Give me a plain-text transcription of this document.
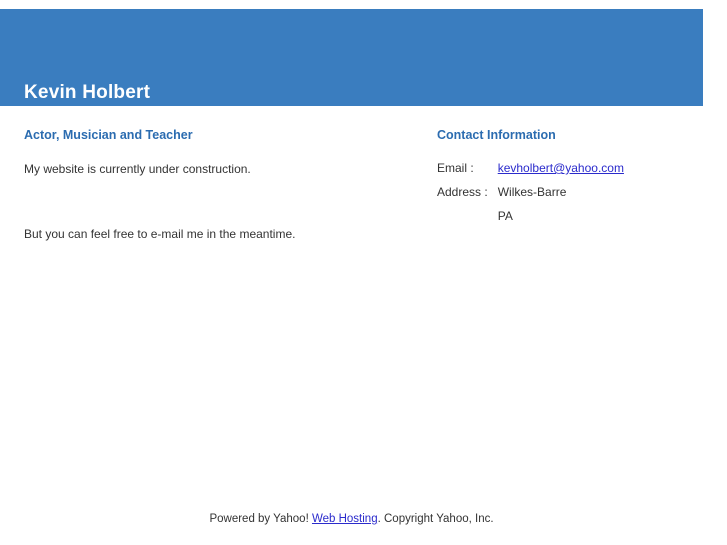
Kevin Holbert
Actor, Musician and Teacher

My website is currently under construction.

But you can feel free to e-mail me in the meantime.

Contact Information
Email :	kevholbert@yahoo.com
Address :	Wilkes-Barre
	PA
Powered by Yahoo! Web Hosting. Copyright Yahoo, Inc.
